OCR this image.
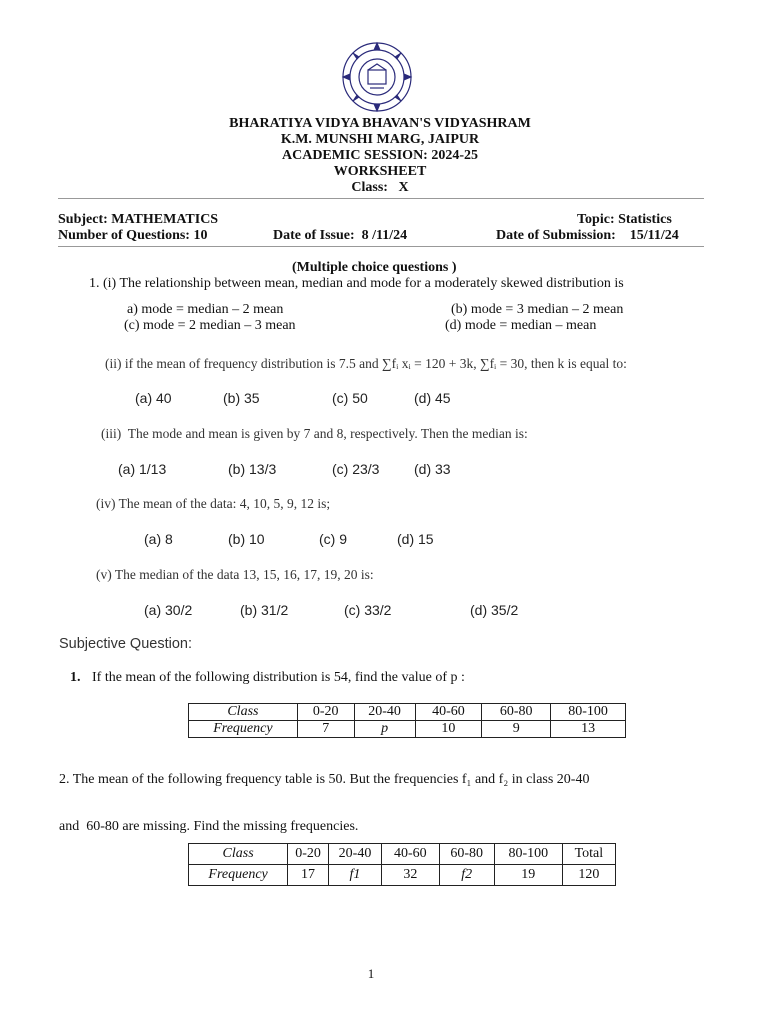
BHARATIYA VIDYA BHAVAN'S VIDYASHRAM
K.M. MUNSHI MARG, JAIPUR
ACADEMIC SESSION: 2024-25
WORKSHEET
Class:   X
Subject: MATHEMATICS	Topic: Statistics
Number of Questions: 10	Date of Issue:  8 /11/24	Date of Submission:    15/11/24
(Multiple choice questions )
1. (i) The relationship between mean, median and mode for a moderately skewed distribution is
a) mode = median – 2 mean	(b) mode = 3 median – 2 mean
(c) mode = 2 median – 3 mean	(d) mode = median – mean
(ii) if the mean of frequency distribution is 7.5 and ∑fᵢ xᵢ = 120 + 3k, ∑fᵢ = 30, then k is equal to:
(a) 40	(b) 35	(c) 50	(d) 45
(iii)  The mode and mean is given by 7 and 8, respectively. Then the median is:
(a) 1/13	(b) 13/3	(c) 23/3 (d) 33
(iv) The mean of the data: 4, 10, 5, 9, 12 is;
(a) 8	(b) 10	(c) 9	(d) 15
(v) The median of the data 13, 15, 16, 17, 19, 20 is:
(a) 30/2	(b) 31/2	(c) 33/2	(d) 35/2
Subjective Question:
1. If the mean of the following distribution is 54, find the value of p :
Class	0-20	20-40	40-60	60-80	80-100
Frequency	7	p	10	9	13
2. The mean of the following frequency table is 50. But the frequencies f₁ and f₂ in class 20-40
and  60-80 are missing. Find the missing frequencies.
Class	0-20	20-40	40-60	60-80	80-100	Total
Frequency	17	f1	32	f2	19	120
1
